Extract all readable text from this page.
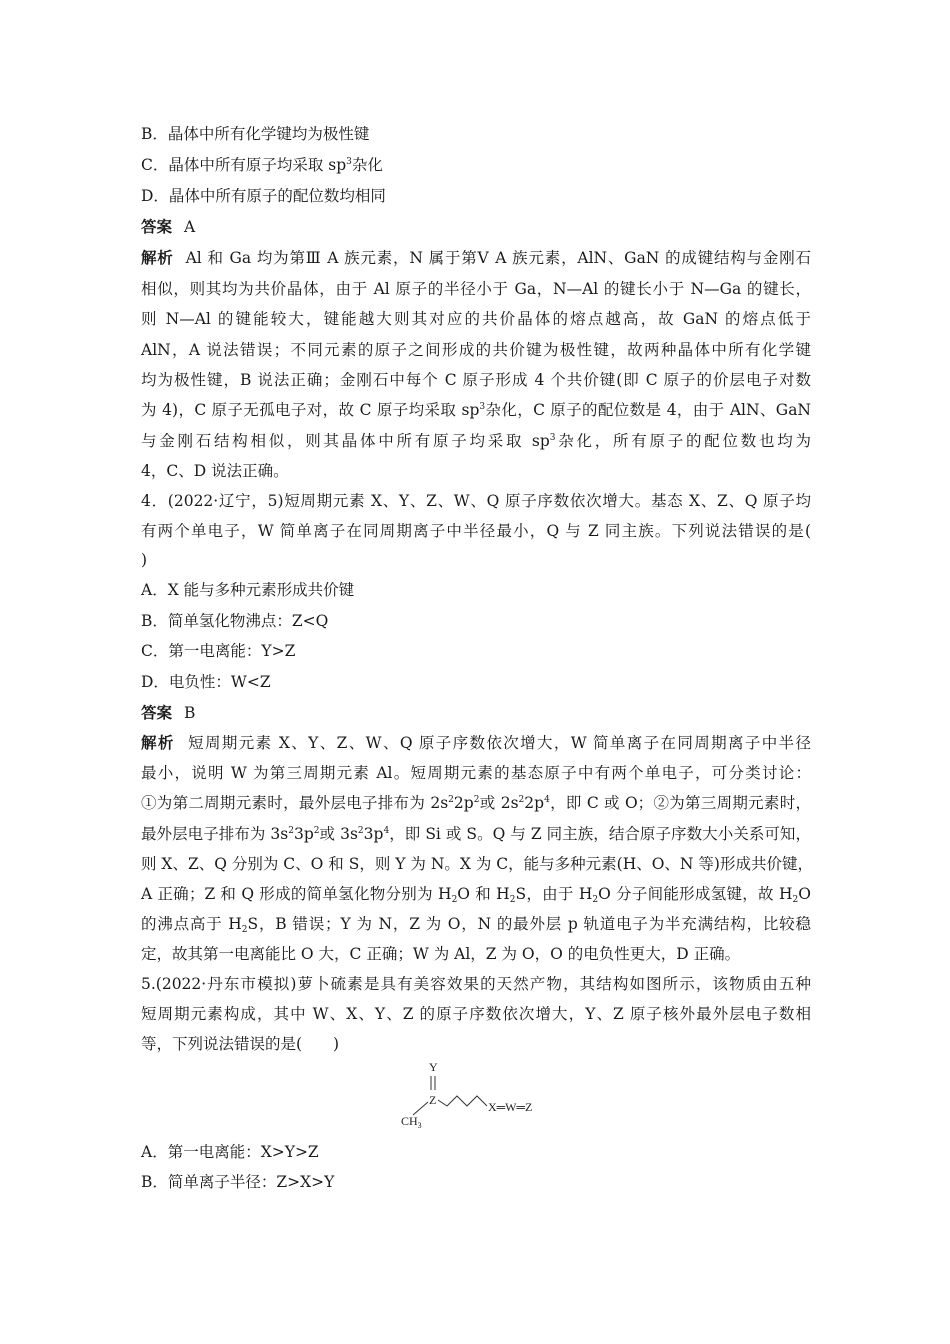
B．晶体中所有化学键均为极性键
C．晶体中所有原子均采取 $sp^3$杂化
D．晶体中所有原子的配位数均相同
答案 A
解析 Al 和 Ga 均为第Ⅲ A 族元素，N 属于第Ⅴ A 族元素，AlN、GaN 的成键结构与金刚石
相似，则其均为共价晶体，由于 Al 原子的半径小于 Ga，N—Al 的键长小于 N—Ga 的键长，
则 N—Al 的键能较大，键能越大则其对应的共价晶体的熔点越高，故 GaN 的熔点低于
AlN，A 说法错误；不同元素的原子之间形成的共价键为极性键，故两种晶体中所有化学键
均为极性键，B 说法正确；金刚石中每个 C 原子形成 4 个共价键(即 C 原子的价层电子对数
为 4)，C 原子无孤电子对，故 C 原子均采取 $sp^3$杂化，C 原子的配位数是 4，由于 AlN、GaN
与金刚石结构相似，则其晶体中所有原子均采取 $sp^3$杂化，所有原子的配位数也均为
4，C、D 说法正确。
4．(2022·辽宁，5)短周期元素 X、Y、Z、W、Q 原子序数依次增大。基态 X、Z、Q 原子均
有两个单电子，W 简单离子在同周期离子中半径最小，Q 与 Z 同主族。下列说法错误的是(
)
A．X 能与多种元素形成共价键
B．简单氢化物沸点：Z<Q
C．第一电离能：Y>Z
D．电负性：W<Z
答案 B
解析 短周期元素 X、Y、Z、W、Q 原子序数依次增大，W 简单离子在同周期离子中半径
最小，说明 W 为第三周期元素 Al。短周期元素的基态原子中有两个单电子，可分类讨论：
①为第二周期元素时，最外层电子排布为 $2s^22p^2$或 $2s^22p^4$，即 C 或 O；②为第三周期元素时，
最外层电子排布为 $3s^23p^2$或 $3s^23p^4$，即 Si 或 S。Q 与 Z 同主族，结合原子序数大小关系可知，
则 X、Z、Q 分别为 C、O 和 S，则 Y 为 N。X 为 C，能与多种元素(H、O、N 等)形成共价键，
A 正确；Z 和 Q 形成的简单氢化物分别为 $H_2O$ 和 $H_2S$，由于 $H_2O$ 分子间能形成氢键，故 $H_2O$
的沸点高于 $H_2S$，B 错误；Y 为 N，Z 为 O，N 的最外层 p 轨道电子为半充满结构，比较稳
定，故其第一电离能比 O 大，C 正确；W 为 Al，Z 为 O，O 的电负性更大，D 正确。
5.(2022·丹东市模拟)萝卜硫素是具有美容效果的天然产物，其结构如图所示，该物质由五种
短周期元素构成，其中 W、X、Y、Z 的原子序数依次增大，Y、Z 原子核外最外层电子数相
等，下列说法错误的是(　　)
Y
Z
$CH_3$
X═W═Z
A．第一电离能：X>Y>Z
B．简单离子半径：Z>X>Y
